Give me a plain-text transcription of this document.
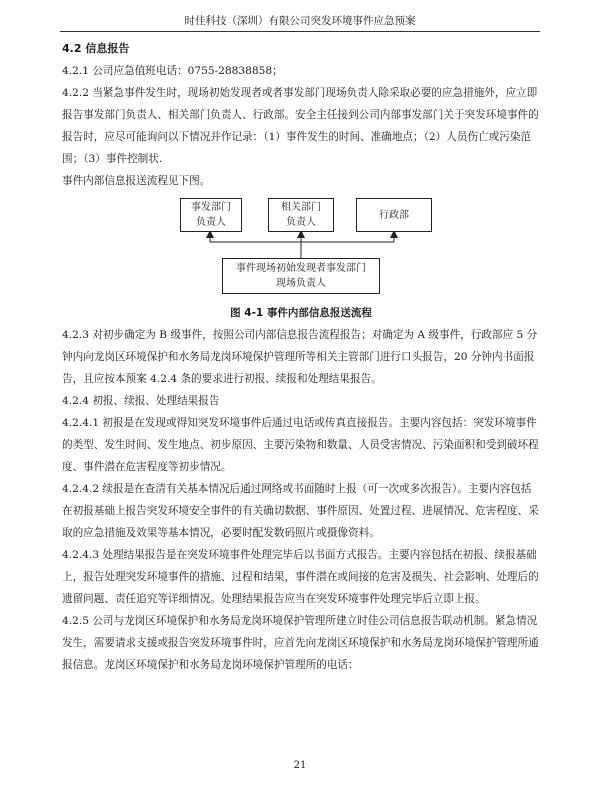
时佳科技（深圳）有限公司突发环境事件应急预案

4.2 信息报告

4.2.1 公司应急值班电话：0755-28838858；

4.2.2 当紧急事件发生时，现场初始发现者或者事发部门现场负责人除采取必要的应急措施外，应立即报告事发部门负责人、相关部门负责人、行政部。安全主任接到公司内部事发部门关于突发环境事件的报告时，应尽可能询问以下情况并作记录：（1）事件发生的时间、准确地点；（2）人员伤亡或污染范围；（3）事件控制状.

事件内部信息报送流程见下图。

事发部门
负责人
相关部门
负责人
行政部
事件现场初始发现者事发部门
现场负责人

图 4-1 事件内部信息报送流程

4.2.3 对初步确定为 B 级事件，按照公司内部信息报告流程报告；对确定为 A 级事件，行政部应 5 分钟内向龙岗区环境保护和水务局龙岗环境保护管理所等相关主管部门进行口头报告，20 分钟内书面报告，且应按本预案 4.2.4 条的要求进行初报、续报和处理结果报告。

4.2.4 初报、续报、处理结果报告

4.2.4.1 初报是在发现或得知突发环境事件后通过电话或传真直接报告。主要内容包括：突发环境事件的类型、发生时间、发生地点、初步原因、主要污染物和数量、人员受害情况、污染面积和受到破坏程度、事件潜在危害程度等初步情况。

4.2.4.2 续报是在查清有关基本情况后通过网络或书面随时上报（可一次或多次报告）。主要内容包括在初报基础上报告突发环境安全事件的有关确切数据、事件原因、处置过程、进展情况、危害程度、采取的应急措施及效果等基本情况，必要时配发数码照片或摄像资料。

4.2.4.3 处理结果报告是在突发环境事件处理完毕后以书面方式报告。主要内容包括在初报、续报基础上，报告处理突发环境事件的措施、过程和结果，事件潜在或间接的危害及损失、社会影响、处理后的遗留问题、责任追究等详细情况。处理结果报告应当在突发环境事件处理完毕后立即上报。

4.2.5 公司与龙岗区环境保护和水务局龙岗环境保护管理所建立时佳公司信息报告联动机制。紧急情况发生，需要请求支援或报告突发环境事件时，应首先向龙岗区环境保护和水务局龙岗环境保护管理所通报信息。龙岗区环境保护和水务局龙岗环境保护管理所的电话：

21
